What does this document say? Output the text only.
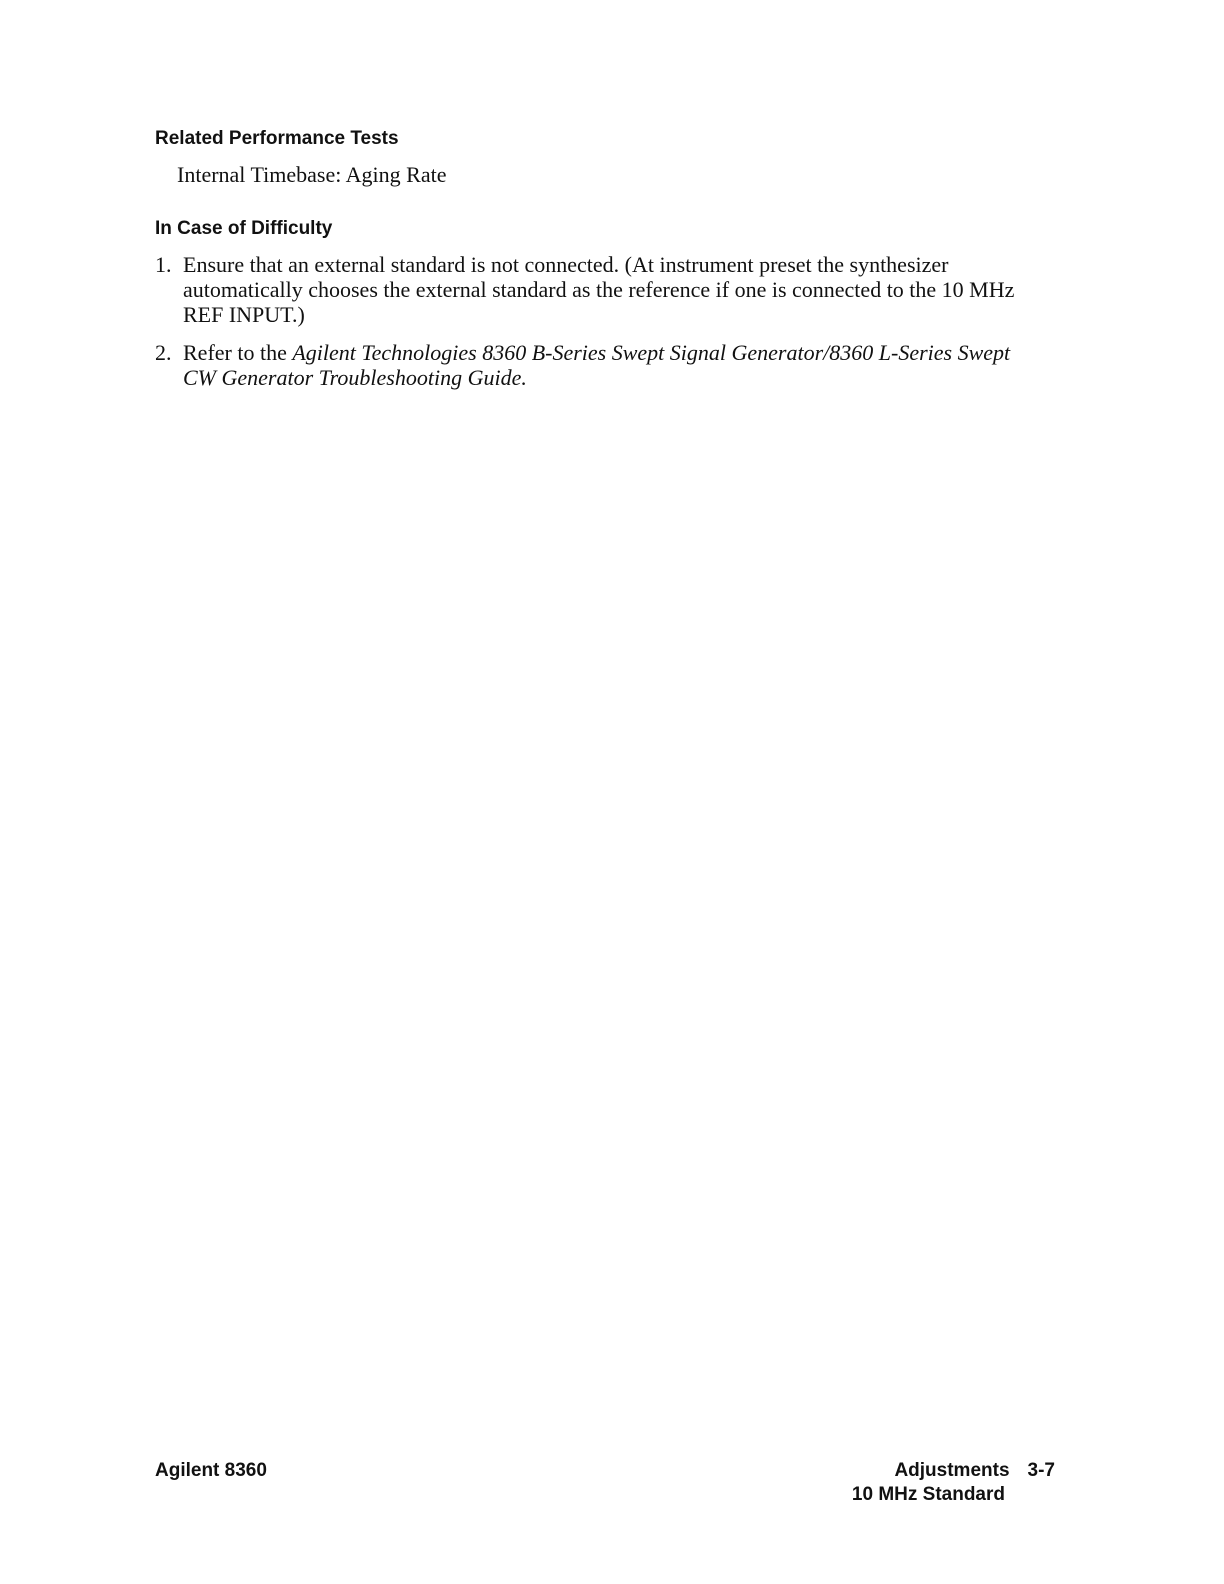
Related Performance Tests
Internal Timebase: Aging Rate
In Case of Difficulty
1. Ensure that an external standard is not connected. (At instrument preset the synthesizer automatically chooses the external standard as the reference if one is connected to the 10 MHz REF INPUT.)
2. Refer to the Agilent Technologies 8360 B-Series Swept Signal Generator/8360 L-Series Swept CW Generator Troubleshooting Guide.
Agilent 8360	Adjustments 3-7
10 MHz Standard
